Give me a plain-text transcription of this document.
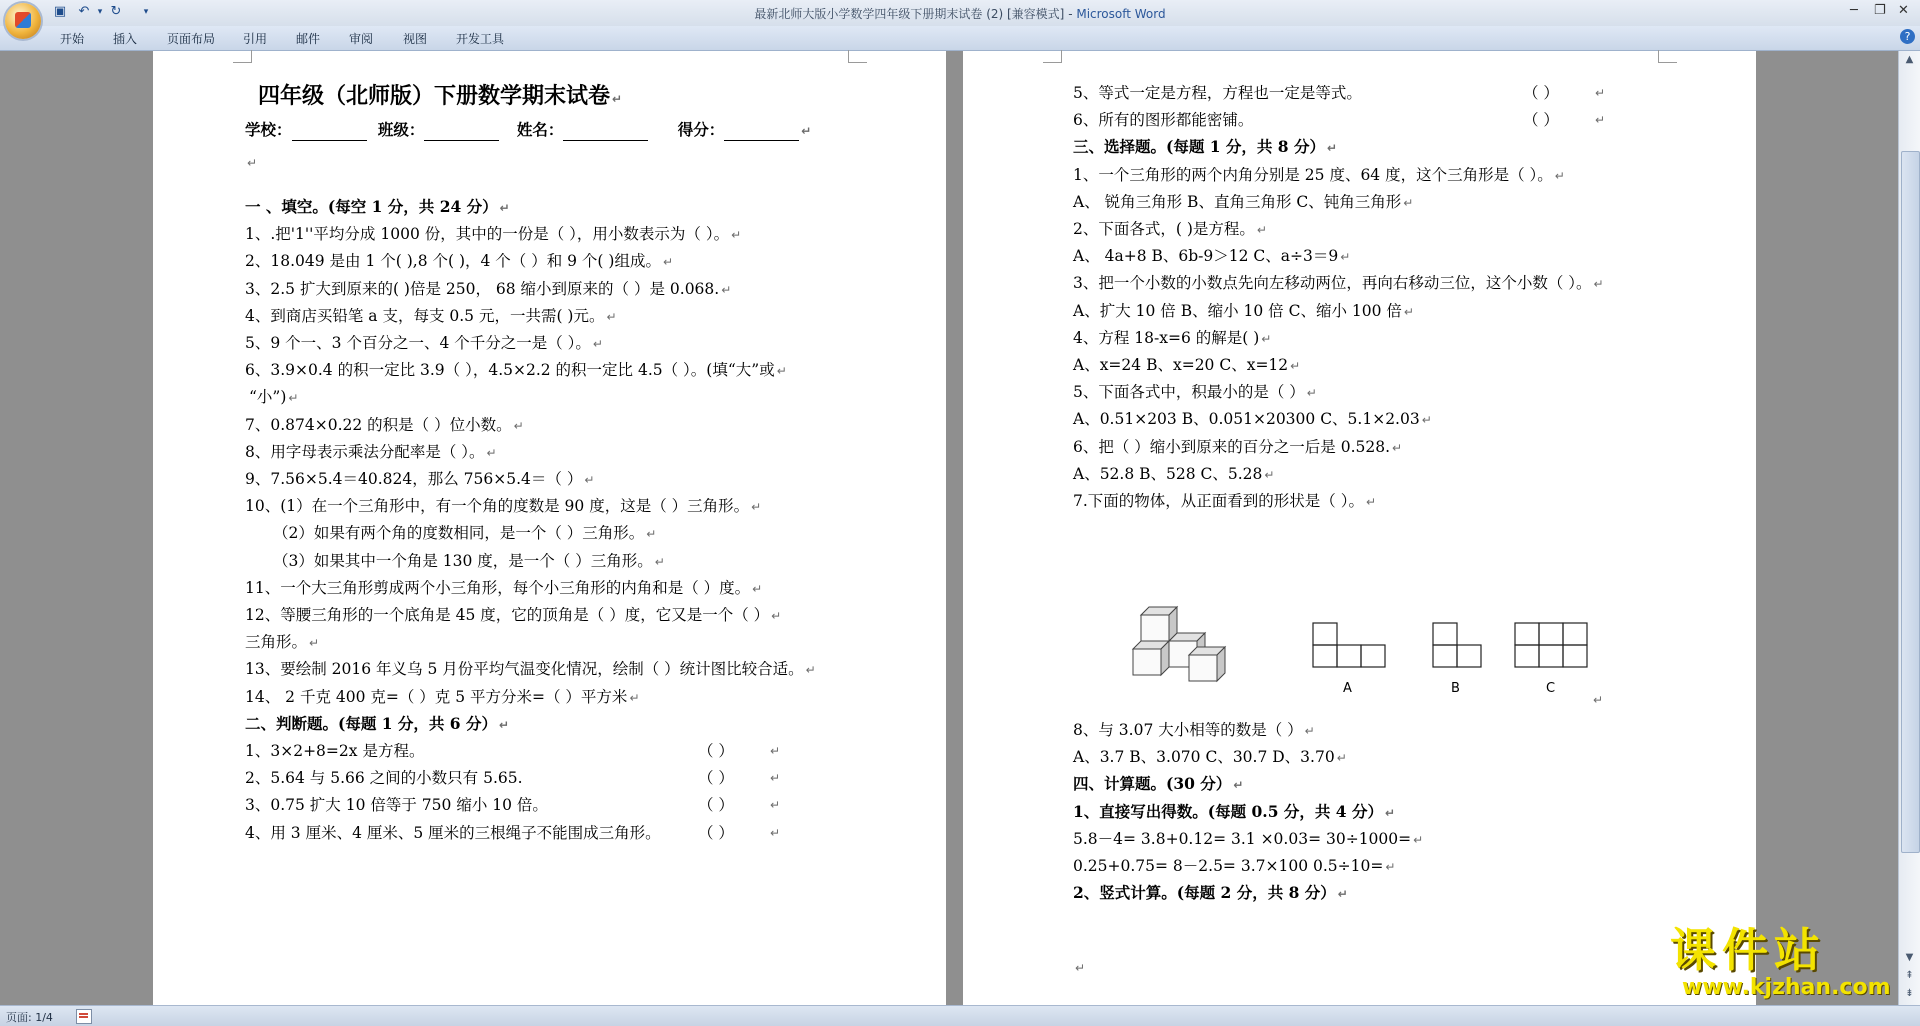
▣ ↶ ▾ ↻	▾	最新北师大版小学数学四年级下册期末试卷 (2) [兼容模式] - Microsoft Word	─ ❐ ✕
开始 插入 页面布局 引用 邮件 审阅 视图 开发工具	?
四年级（北师版）下册数学期末试卷 ↵
学校：	班级：	姓名：	得分：	↵
↵
一 、填空。(每空 1 分，共 24 分） ↵
1、.把'1''平均分成 1000 份，其中的一份是（ ），用小数表示为（ ）。 ↵
2、18.049 是由 1 个( ),8 个( )，4 个（ ）和 9 个( )组成。 ↵
3、2.5 扩大到原来的( )倍是 250， 68 缩小到原来的（ ）是 0.068. ↵
4、到商店买铅笔 a 支，每支 0.5 元，一共需( )元。 ↵
5、9 个一、3 个百分之一、4 个千分之一是（ ）。 ↵
6、3.9×0.4 的积一定比 3.9（ ），4.5×2.2 的积一定比 4.5（ ）。(填“大”或 ↵
“小”) ↵
7、0.874×0.22 的积是（ ）位小数。 ↵
8、用字母表示乘法分配率是（ ）。 ↵
9、7.56×5.4＝40.824，那么 756×5.4＝（ ） ↵
10、(1）在一个三角形中，有一个角的度数是 90 度，这是（ ）三角形。 ↵
（2）如果有两个角的度数相同，是一个（ ）三角形。 ↵
（3）如果其中一个角是 130 度，是一个（ ）三角形。 ↵
11、一个大三角形剪成两个小三角形，每个小三角形的内角和是（ ）度。 ↵
12、等腰三角形的一个底角是 45 度，它的顶角是（ ）度，它又是一个（ ） ↵
三角形。 ↵
13、要绘制 2016 年义乌 5 月份平均气温变化情况，绘制（ ）统计图比较合适。 ↵
14、 2 千克 400 克=（ ）克 5 平方分米=（ ）平方米 ↵
二、判断题。(每题 1 分，共 6 分） ↵
1、3×2+8=2x 是方程。	（ ）	↵
2、5.64 与 5.66 之间的小数只有 5.65.	（ ）	↵
3、0.75 扩大 10 倍等于 750 缩小 10 倍。	（ ）	↵
4、用 3 厘米、4 厘米、5 厘米的三根绳子不能围成三角形。 （ ）	↵
5、等式一定是方程，方程也一定是等式。	（ ）	↵
6、所有的图形都能密铺。	（ ）	↵
三、选择题。(每题 1 分，共 8 分） ↵
1、一个三角形的两个内角分别是 25 度、64 度，这个三角形是（ ）。 ↵
A、 锐角三角形 B、直角三角形 C、钝角三角形 ↵
2、下面各式，( )是方程。 ↵
A、 4a+8 B、6b-9＞12 C、a÷3＝9 ↵
3、把一个小数的小数点先向左移动两位，再向右移动三位，这个小数（ ）。 ↵
A、扩大 10 倍 B、缩小 10 倍 C、缩小 100 倍 ↵
4、方程 18-x=6 的解是( ) ↵
A、x=24 B、x=20 C、x=12 ↵
5、下面各式中，积最小的是（ ） ↵
A、0.51×203 B、0.051×20300 C、5.1×2.03 ↵
6、把（ ）缩小到原来的百分之一后是 0.528. ↵
A、52.8 B、528 C、5.28 ↵
7.下面的物体，从正面看到的形状是（ ）。 ↵
A	B	C
↵
8、与 3.07 大小相等的数是（ ） ↵
A、3.7 B、3.070 C、30.7 D、3.70 ↵
四、计算题。(30 分） ↵
1、直接写出得数。(每题 0.5 分，共 4 分） ↵
5.8－4= 3.8+0.12= 3.1 ×0.03= 30÷1000= ↵
0.25+0.75= 8－2.5= 3.7×100 0.5÷10= ↵
2、竖式计算。(每题 2 分，共 8 分） ↵
↵
▲
▼
⇞
⇟
课件站
www.kjzhan.com
页面: 1/4
